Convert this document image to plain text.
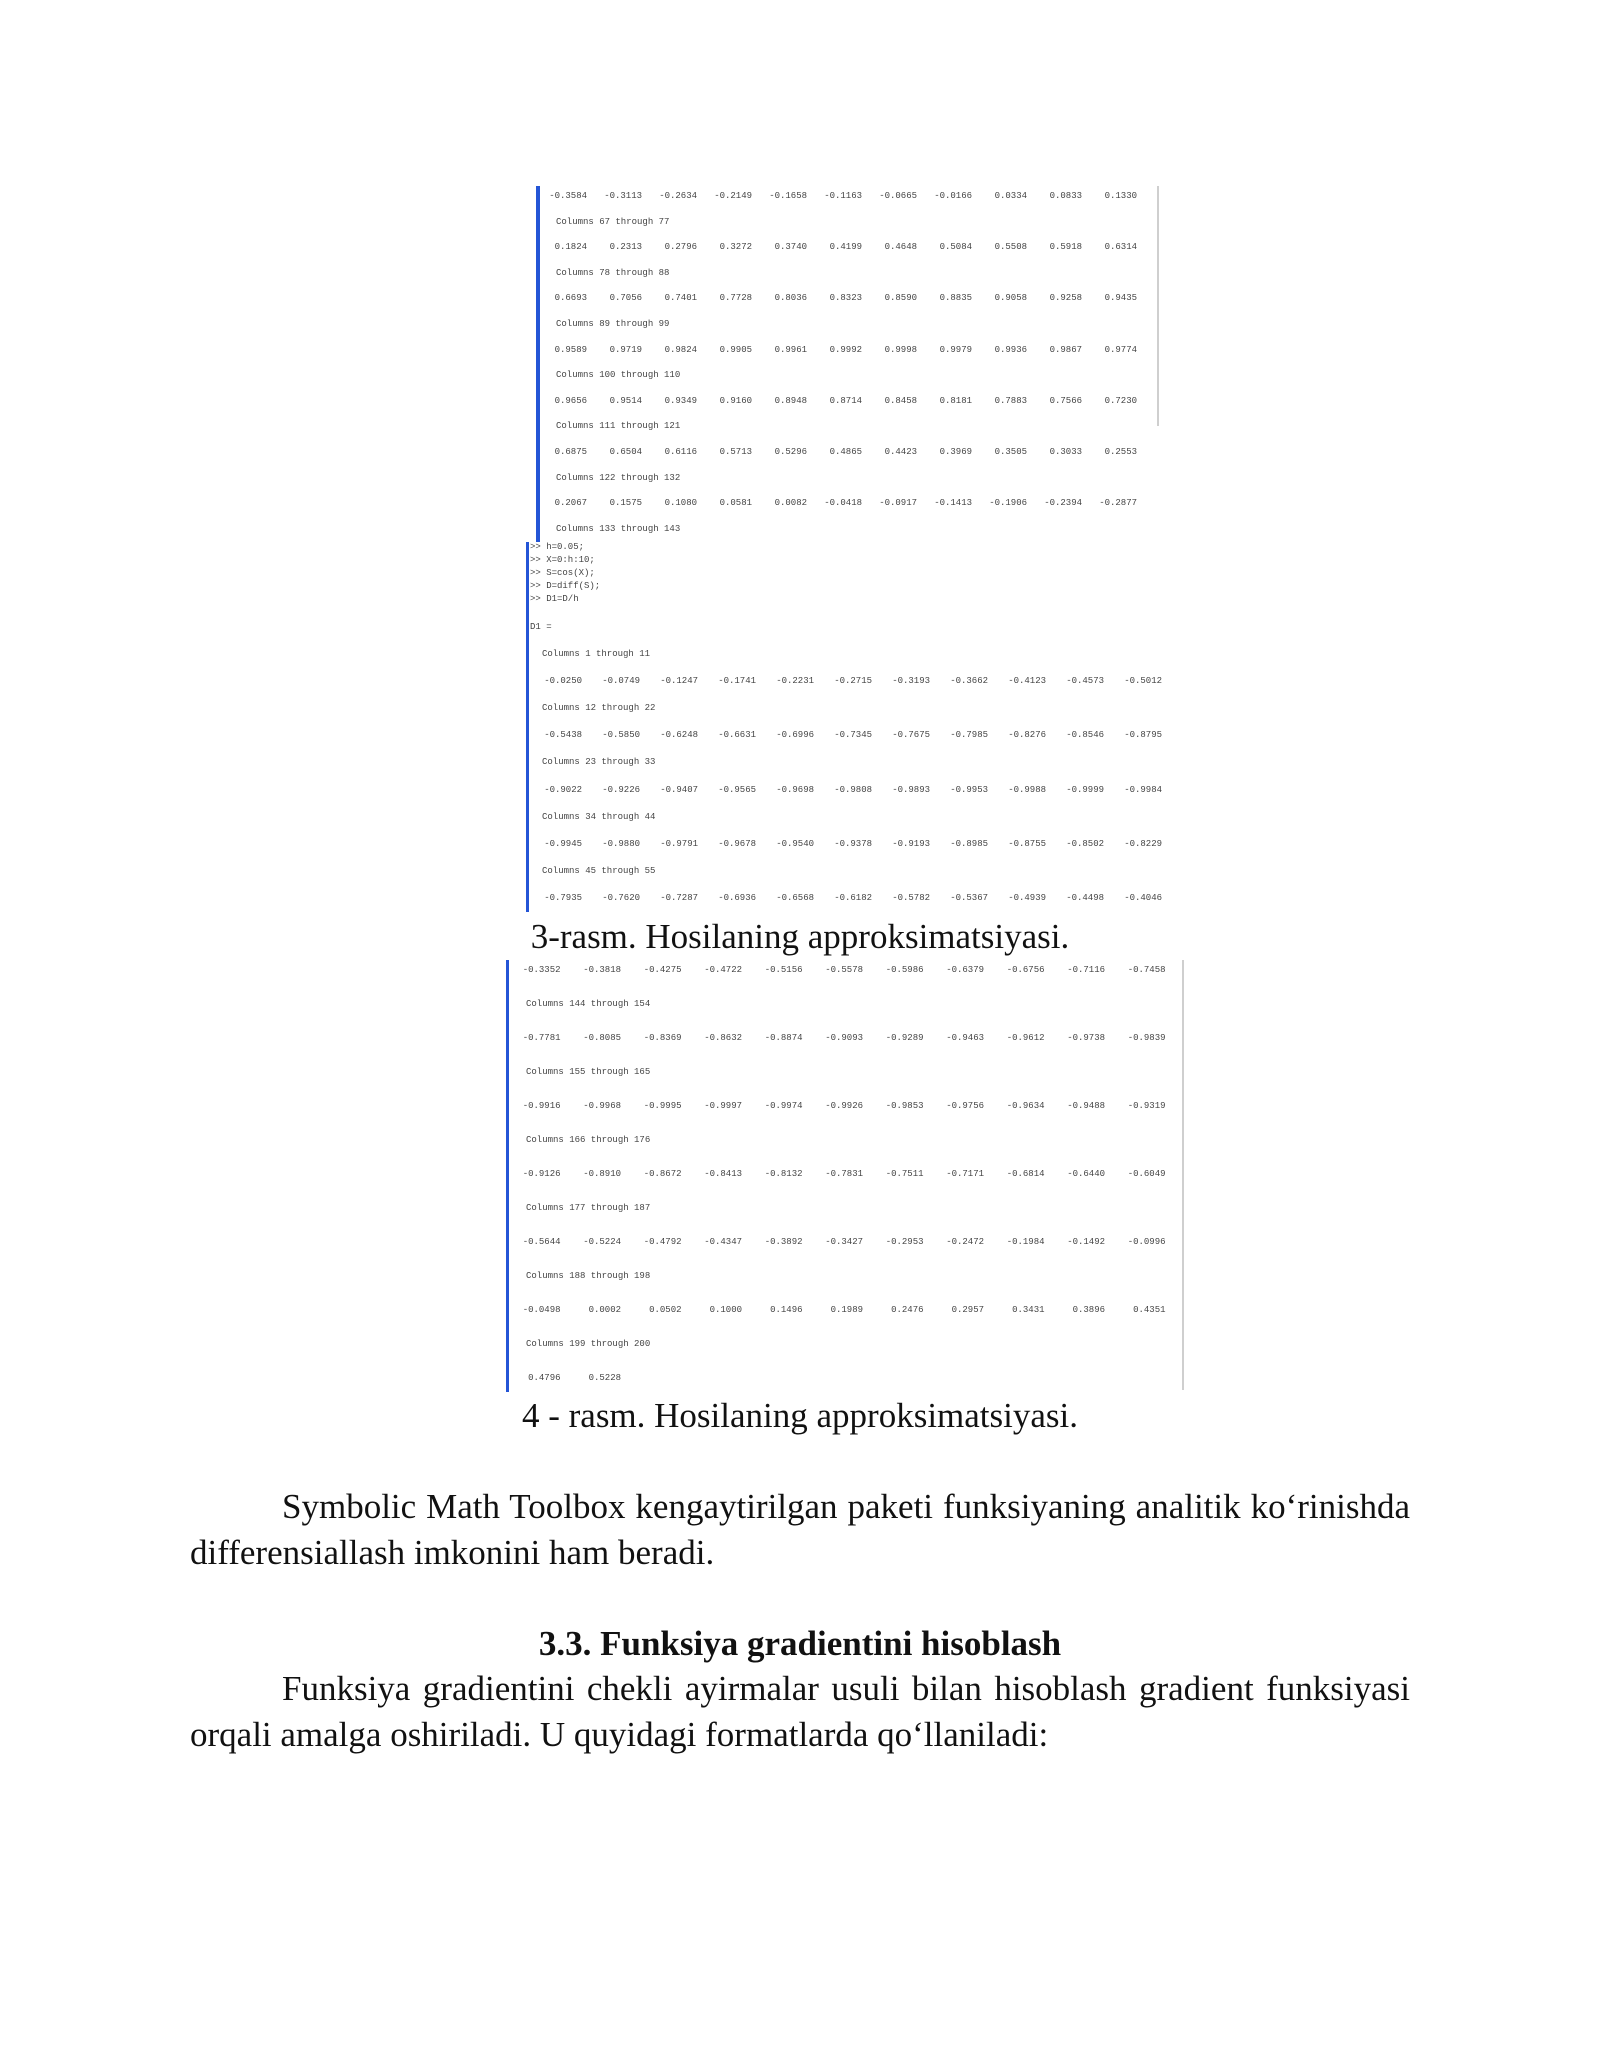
-0.3584	-0.3113	-0.2634	-0.2149	-0.1658	-0.1163	-0.0665	-0.0166	0.0334	0.0833	0.1330
Columns 67 through 77
0.1824	0.2313	0.2796	0.3272	0.3740	0.4199	0.4648	0.5084	0.5508	0.5918	0.6314
Columns 78 through 88
0.6693	0.7056	0.7401	0.7728	0.8036	0.8323	0.8590	0.8835	0.9058	0.9258	0.9435
Columns 89 through 99
0.9589	0.9719	0.9824	0.9905	0.9961	0.9992	0.9998	0.9979	0.9936	0.9867	0.9774
Columns 100 through 110
0.9656	0.9514	0.9349	0.9160	0.8948	0.8714	0.8458	0.8181	0.7883	0.7566	0.7230
Columns 111 through 121
0.6875	0.6504	0.6116	0.5713	0.5296	0.4865	0.4423	0.3969	0.3505	0.3033	0.2553
Columns 122 through 132
0.2067	0.1575	0.1080	0.0581	0.0082	-0.0418	-0.0917	-0.1413	-0.1906	-0.2394	-0.2877
Columns 133 through 143
>> h=0.05;
>> X=0:h:10;
>> S=cos(X);
>> D=diff(S);
>> D1=D/h
D1 =
Columns 1 through 11
-0.0250	-0.0749	-0.1247	-0.1741	-0.2231	-0.2715	-0.3193	-0.3662	-0.4123	-0.4573	-0.5012
Columns 12 through 22
-0.5438	-0.5850	-0.6248	-0.6631	-0.6996	-0.7345	-0.7675	-0.7985	-0.8276	-0.8546	-0.8795
Columns 23 through 33
-0.9022	-0.9226	-0.9407	-0.9565	-0.9698	-0.9808	-0.9893	-0.9953	-0.9988	-0.9999	-0.9984
Columns 34 through 44
-0.9945	-0.9880	-0.9791	-0.9678	-0.9540	-0.9378	-0.9193	-0.8985	-0.8755	-0.8502	-0.8229
Columns 45 through 55
-0.7935	-0.7620	-0.7287	-0.6936	-0.6568	-0.6182	-0.5782	-0.5367	-0.4939	-0.4498	-0.4046
3-rasm. Hosilaning approksimatsiyasi.
-0.3352	-0.3818	-0.4275	-0.4722	-0.5156	-0.5578	-0.5986	-0.6379	-0.6756	-0.7116	-0.7458
Columns 144 through 154
-0.7781	-0.8085	-0.8369	-0.8632	-0.8874	-0.9093	-0.9289	-0.9463	-0.9612	-0.9738	-0.9839
Columns 155 through 165
-0.9916	-0.9968	-0.9995	-0.9997	-0.9974	-0.9926	-0.9853	-0.9756	-0.9634	-0.9488	-0.9319
Columns 166 through 176
-0.9126	-0.8910	-0.8672	-0.8413	-0.8132	-0.7831	-0.7511	-0.7171	-0.6814	-0.6440	-0.6049
Columns 177 through 187
-0.5644	-0.5224	-0.4792	-0.4347	-0.3892	-0.3427	-0.2953	-0.2472	-0.1984	-0.1492	-0.0996
Columns 188 through 198
-0.0498	0.0002	0.0502	0.1000	0.1496	0.1989	0.2476	0.2957	0.3431	0.3896	0.4351
Columns 199 through 200
0.4796	0.5228
4 - rasm. Hosilaning approksimatsiyasi.
Symbolic Math Toolbox kengaytirilgan paketi funksiyaning analitik ko‘rinishda differensiallash imkonini ham beradi.
3.3. Funksiya gradientini hisoblash
Funksiya gradientini chekli ayirmalar usuli bilan hisoblash gradient funksiyasi orqali amalga oshiriladi. U quyidagi formatlarda qo‘llaniladi:
